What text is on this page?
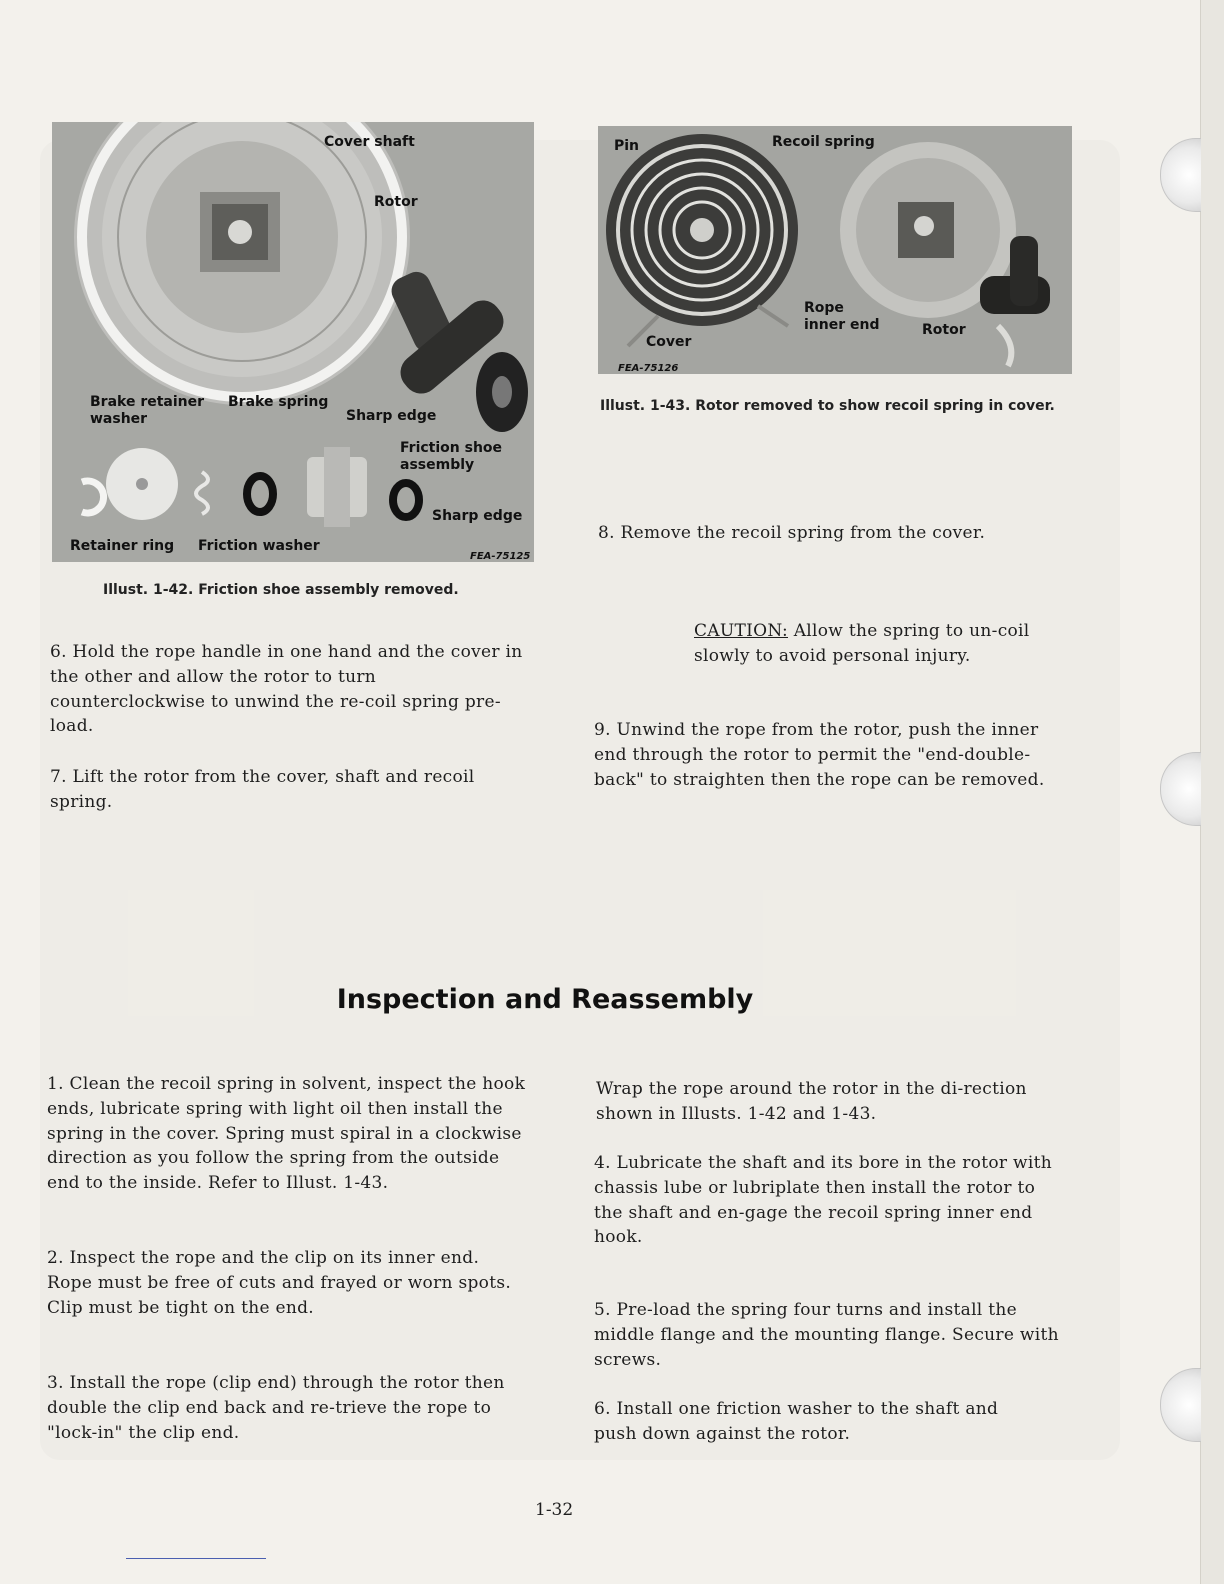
Cover shaft
Rotor
Brake retainer
washer
Brake spring
Sharp edge
Friction shoe
assembly
Sharp edge
Retainer ring Friction washer
FEA-75125
Illust. 1-42. Friction shoe assembly removed.
Pin	Recoil spring
Rope
inner end	Rotor
Cover
FEA-75126
Illust. 1-43. Rotor removed to show recoil spring in cover.

6. Hold the rope handle in one hand and the cover in the other and allow the rotor to turn counterclockwise to unwind the re-coil spring pre-load.

7. Lift the rotor from the cover, shaft and recoil spring.

8. Remove the recoil spring from the cover.

CAUTION: Allow the spring to un-coil slowly to avoid personal injury.

9. Unwind the rope from the rotor, push the inner end through the rotor to permit the "end-double-back" to straighten then the rope can be removed.

Inspection and Reassembly

1. Clean the recoil spring in solvent, inspect the hook ends, lubricate spring with light oil then install the spring in the cover. Spring must spiral in a clockwise direction as you follow the spring from the outside end to the inside. Refer to Illust. 1-43.

2. Inspect the rope and the clip on its inner end. Rope must be free of cuts and frayed or worn spots. Clip must be tight on the end.

3. Install the rope (clip end) through the rotor then double the clip end back and re-trieve the rope to "lock-in" the clip end.

Wrap the rope around the rotor in the di-rection shown in Illusts. 1-42 and 1-43.

4. Lubricate the shaft and its bore in the rotor with chassis lube or lubriplate then install the rotor to the shaft and en-gage the recoil spring inner end hook.

5. Pre-load the spring four turns and install the middle flange and the mounting flange. Secure with screws.

6. Install one friction washer to the shaft and push down against the rotor.

1-32
